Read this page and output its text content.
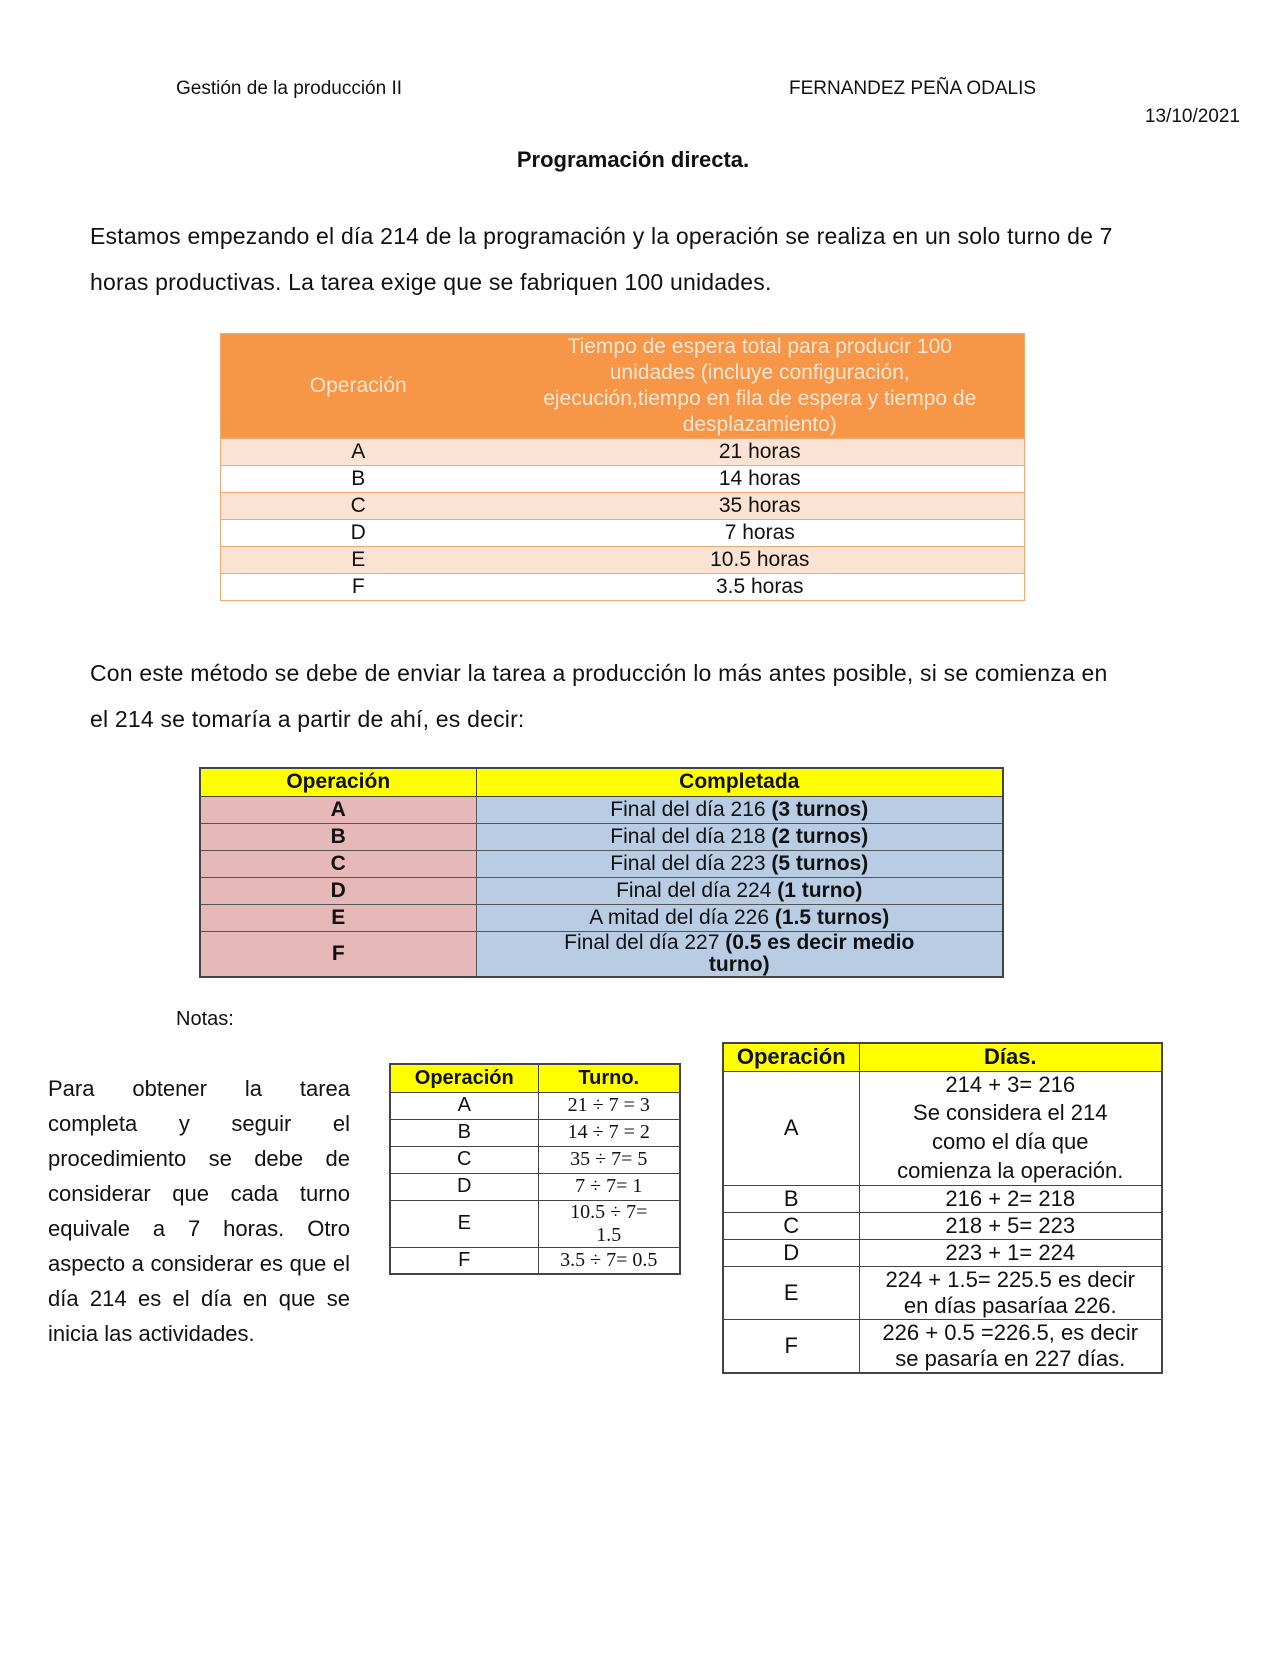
Gestión de la producción II	FERNANDEZ PEÑA ODALIS
13/10/2021
Programación directa.

Estamos empezando el día 214 de la programación y la operación se realiza en un solo turno de 7 horas productivas. La tarea exige que se fabriquen 100 unidades.

Operación	Tiempo de espera total para producir 100 unidades (incluye configuración, ejecución,tiempo en fila de espera y tiempo de desplazamiento)
A	21 horas
B	14 horas
C	35 horas
D	7 horas
E	10.5 horas
F	3.5 horas

Con este método se debe de enviar la tarea a producción lo más antes posible, si se comienza en el 214 se tomaría a partir de ahí, es decir:

Operación	Completada
A	Final del día 216 (3 turnos)
B	Final del día 218 (2 turnos)
C	Final del día 223 (5 turnos)
D	Final del día 224 (1 turno)
E	A mitad del día 226 (1.5 turnos)
F	Final del día 227 (0.5 es decir medio turno)
Notas:

Para obtener la tarea completa y seguir el procedimiento se debe de considerar que cada turno equivale a 7 horas. Otro aspecto a considerar es que el día 214 es el día en que se inicia las actividades.

Operación	Turno.
A	21 ÷ 7 = 3
B	14 ÷ 7 = 2
C	35 ÷ 7= 5
D	7 ÷ 7= 1
E	10.5 ÷ 7= 1.5
F	3.5 ÷ 7= 0.5
Operación	Días.
A	214 + 3= 216
Se considera el 214 como el día que comienza la operación.

B	216 + 2= 218
C	218 + 5= 223
D	223 + 1= 224
E	224 + 1.5= 225.5 es decir en días pasaríaa 226.
F	226 + 0.5 =226.5, es decir se pasaría en 227 días.
